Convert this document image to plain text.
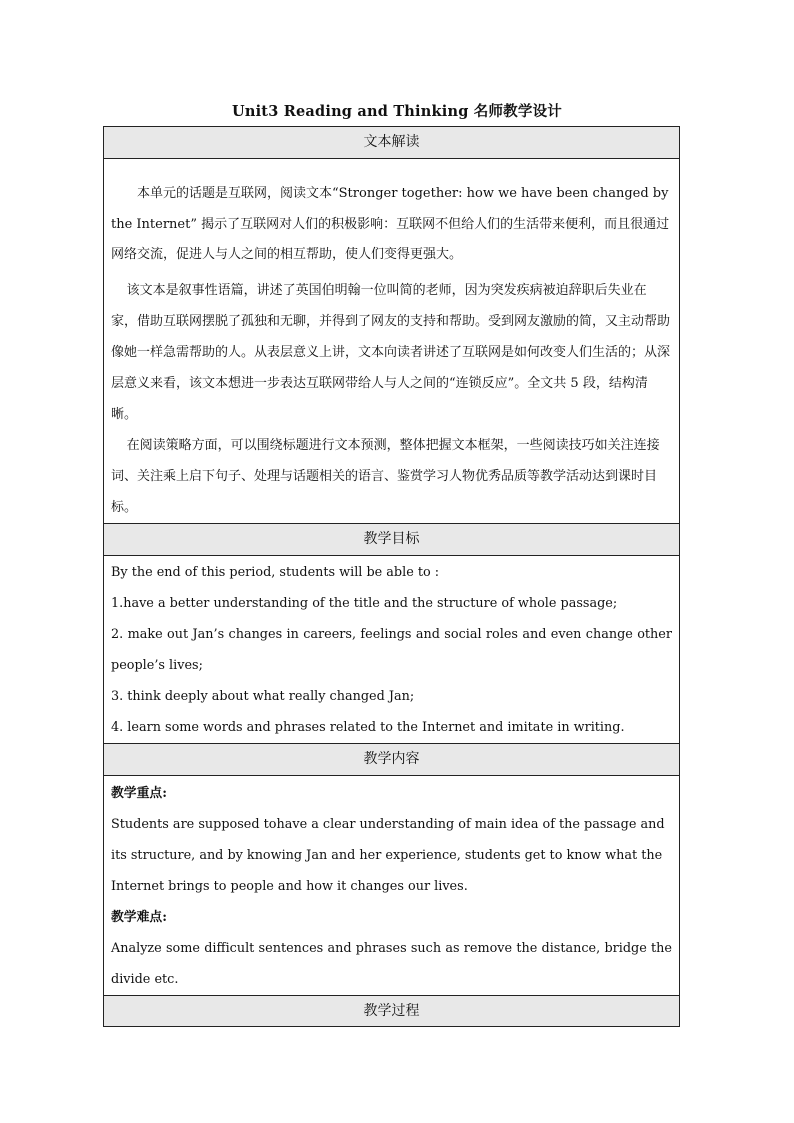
Unit3 Reading and Thinking 名师教学设计
文本解读

本单元的话题是互联网，阅读文本“Stronger together: how we have been changed by the Internet” 揭示了互联网对人们的积极影响：互联网不但给人们的生活带来便利，而且很通过网络交流，促进人与人之间的相互帮助，使人们变得更强大。

该文本是叙事性语篇，讲述了英国伯明翰一位叫简的老师，因为突发疾病被迫辞职后失业在家，借助互联网摆脱了孤独和无聊，并得到了网友的支持和帮助。受到网友激励的简，又主动帮助像她一样急需帮助的人。从表层意义上讲，文本向读者讲述了互联网是如何改变人们生活的；从深层意义来看，该文本想进一步表达互联网带给人与人之间的“连锁反应”。全文共 5 段，结构清晰。

在阅读策略方面，可以围绕标题进行文本预测，整体把握文本框架，一些阅读技巧如关注连接词、关注乘上启下句子、处理与话题相关的语言、鉴赏学习人物优秀品质等教学活动达到课时目标。

教学目标

By the end of this period, students will be able to :

1.have a better understanding of the title and the structure of whole passage;

2. make out Jan’s changes in careers, feelings and social roles and even change other people’s lives;

3. think deeply about what really changed Jan;

4. learn some words and phrases related to the Internet and imitate in writing.

教学内容

教学重点:

Students are supposed tohave a clear understanding of main idea of the passage and its structure, and by knowing Jan and her experience, students get to know what the Internet brings to people and how it changes our lives.

教学难点:

Analyze some difficult sentences and phrases such as remove the distance, bridge the divide etc.

教学过程
